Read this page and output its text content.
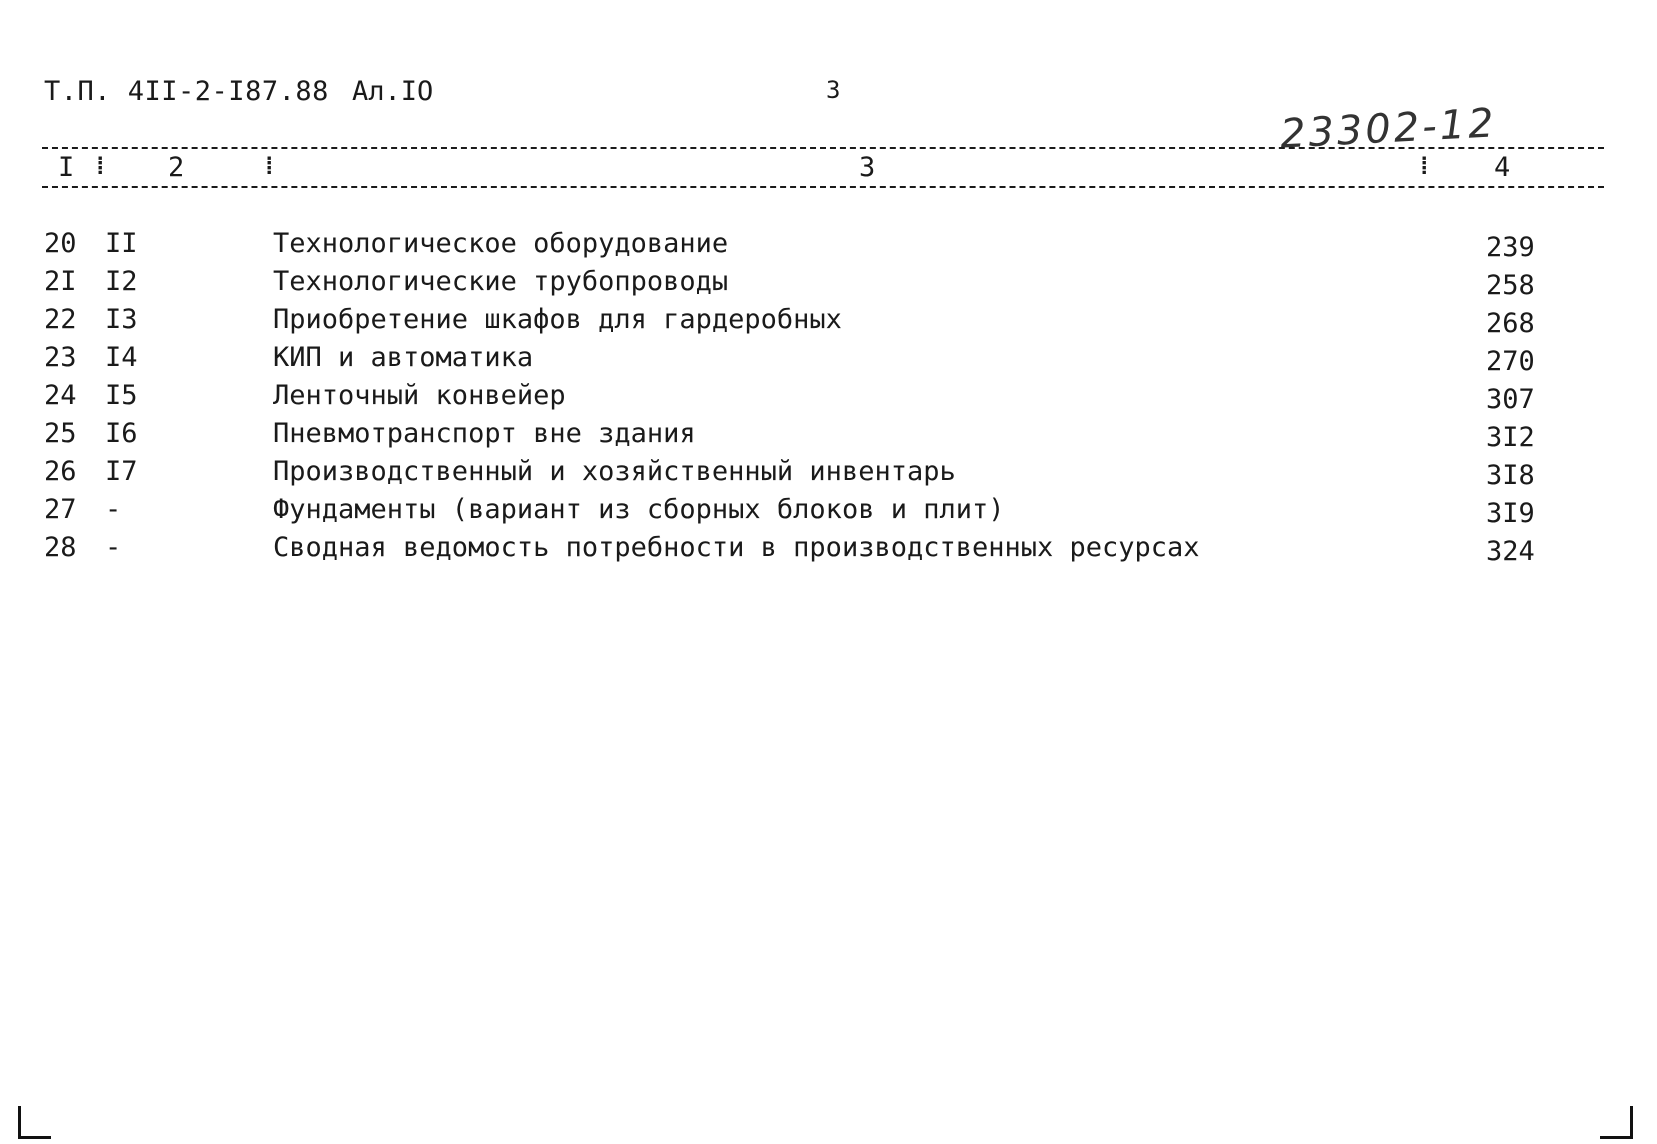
Т.П. 4II-2-I87.88 Ал.IO	3
23302-12
I ⁞ 2	⁞	3	⁞ 4
20 II	Технологическое оборудование	239
2I I2	Технологические трубопроводы	258
22 I3	Приобретение шкафов для гардеробных	268
23 I4	КИП и автоматика	270
24 I5	Ленточный конвейер	307
25 I6	Пневмотранспорт вне здания	3I2
26 I7	Производственный и хозяйственный инвентарь	3I8
27 -	Фундаменты (вариант из сборных блоков и плит)	3I9
28 -	Сводная ведомость потребности в производственных ресурсах	324
